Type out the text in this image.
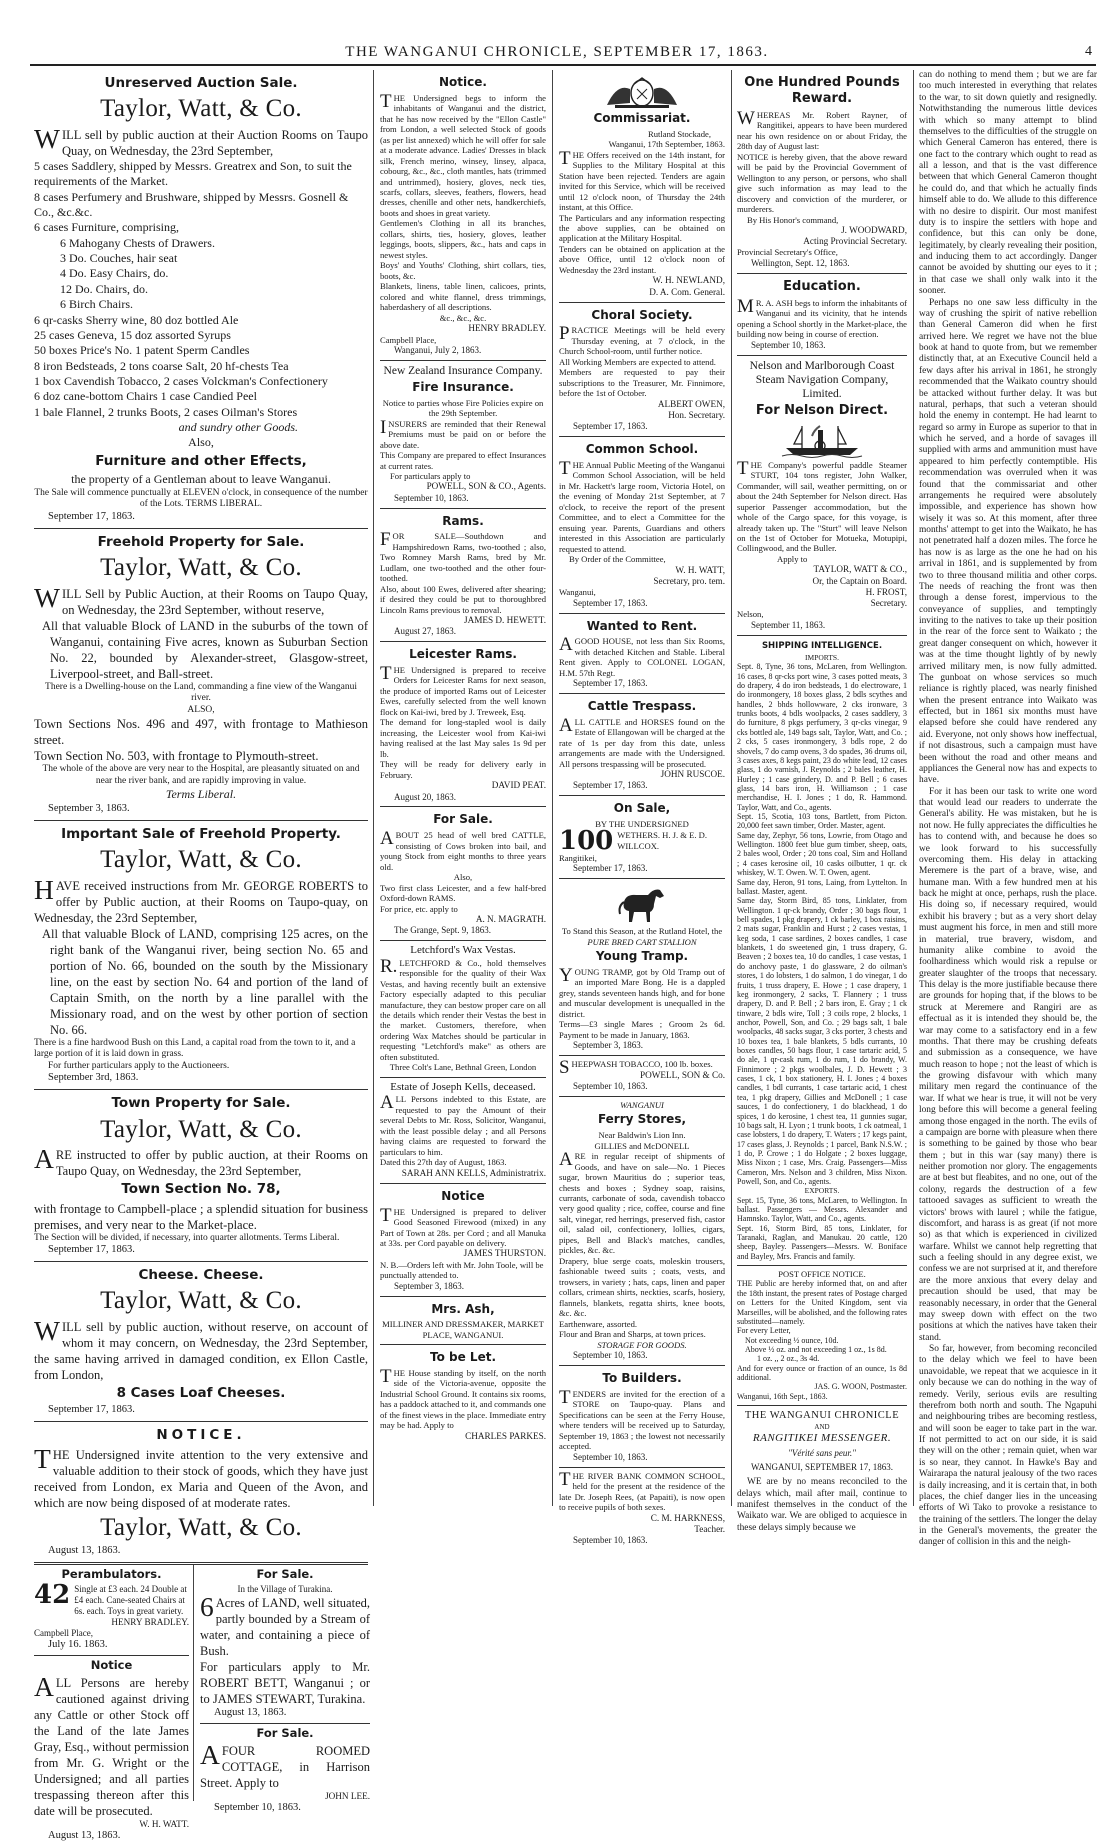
THE WANGANUI CHRONICLE, SEPTEMBER 17, 1863.	4
Unreserved Auction Sale.
Taylor, Watt, & Co.
WILL sell by public auction at their Auction Rooms on Taupo Quay, on Wednesday, the 23rd September,
5 cases Saddlery, shipped by Messrs. Greatrex and Son, to suit the requirements of the Market.
8 cases Perfumery and Brushware, shipped by Messrs. Gosnell & Co., &c.&c.
6 cases Furniture, comprising,
6 Mahogany Chests of Drawers.
3 Do. Couches, hair seat
4 Do. Easy Chairs, do.
12 Do. Chairs, do.
6 Birch Chairs.
6 qr-casks Sherry wine, 80 doz bottled Ale
25 cases Geneva, 15 doz assorted Syrups
50 boxes Price's No. 1 patent Sperm Candles
8 iron Bedsteads, 2 tons coarse Salt, 20 hf-chests Tea
1 box Cavendish Tobacco, 2 cases Volckman's Confectionery
6 doz cane-bottom Chairs 1 case Candied Peel
1 bale Flannel, 2 trunks Boots, 2 cases Oilman's Stores
and sundry other Goods.
Also,
Furniture and other Effects,
the property of a Gentleman about to leave Wanganui.
The Sale will commence punctually at ELEVEN o'clock, in consequence of the number of the Lots. TERMS LIBERAL.
September 17, 1863.
Freehold Property for Sale.
Taylor, Watt, & Co.
WILL Sell by Public Auction, at their Rooms on Taupo Quay, on Wednesday, the 23rd September, without reserve,
All that valuable Block of LAND in the suburbs of the town of Wanganui, containing Five acres, known as Suburban Section No. 22, bounded by Alexander-street, Glasgow-street, Liverpool-street, and Ball-street.
There is a Dwelling-house on the Land, commanding a fine view of the Wanganui river.
ALSO,
Town Sections Nos. 496 and 497, with frontage to Mathieson street.
Town Section No. 503, with frontage to Plymouth-street.
The whole of the above are very near to the Hospital, are pleasantly situated on and near the river bank, and are rapidly improving in value.
Terms Liberal.
September 3, 1863.
Important Sale of Freehold Property.
Taylor, Watt, & Co.
HAVE received instructions from Mr. GEORGE ROBERTS to offer by Public auction, at their Rooms on Taupo-quay, on Wednesday, the 23rd September,
All that valuable Block of LAND, comprising 125 acres, on the right bank of the Wanganui river, being section No. 65 and portion of No. 66, bounded on the south by the Missionary line, on the east by section No. 64 and portion of the land of Captain Smith, on the north by a line parallel with the Missionary road, and on the west by other portion of section No. 66.
There is a fine hardwood Bush on this Land, a capital road from the town to it, and a large portion of it is laid down in grass.
For further particulars apply to the Auctioneers.
September 3rd, 1863.
Town Property for Sale.
Taylor, Watt, & Co.
ARE instructed to offer by public auction, at their Rooms on Taupo Quay, on Wednesday, the 23rd September,
Town Section No. 78,
with frontage to Campbell-place ; a splendid situation for business premises, and very near to the Market-place.
The Section will be divided, if necessary, into quarter allotments. Terms Liberal.
September 17, 1863.
Cheese. Cheese.
Taylor, Watt, & Co.
WILL sell by public auction, without reserve, on account of whom it may concern, on Wednesday, the 23rd September, the same having arrived in damaged condition, ex Ellon Castle, from London,
8 Cases Loaf Cheeses.
September 17, 1863.
NOTICE.
THE Undersigned invite attention to the very extensive and valuable addition to their stock of goods, which they have just received from London, ex Maria and Queen of the Avon, and which are now being disposed of at moderate rates.
Taylor, Watt, & Co.
August 13, 1863.
Perambulators.
42 Single at £3 each. 24 Double at £4 each. Cane-seated Chairs at 6s. each. Toys in great variety.
HENRY BRADLEY.
Campbell Place,
July 16. 1863.
Notice
ALL Persons are hereby cautioned against driving any Cattle or other Stock off the Land of the late James Gray, Esq., without permission from Mr. G. Wright or the Undersigned; and all parties trespassing thereon after this date will be prosecuted.
W. H. WATT.
August 13, 1863.
For Sale.
In the Village of Turakina.
6Acres of LAND, well situated, partly bounded by a Stream of water, and containing a piece of Bush.
For particulars apply to Mr. ROBERT BETT, Wanganui ; or to JAMES STEWART, Turakina.
August 13, 1863.
For Sale.
AFOUR ROOMED COTTAGE, in Harrison Street. Apply to
JOHN LEE.
September 10, 1863.
Notice.
THE Undersigned begs to inform the inhabitants of Wanganui and the district, that he has now received by the "Ellon Castle" from London, a well selected Stock of goods (as per list annexed) which he will offer for sale at a moderate advance. Ladies' Dresses in black silk, French merino, winsey, linsey, alpaca, cobourg, &c., &c., cloth mantles, hats (trimmed and untrimmed), hosiery, gloves, neck ties, scarfs, collars, sleeves, feathers, flowers, head dresses, chenille and other nets, handkerchiefs, boots and shoes in great variety.
Gentlemen's Clothing in all its branches, collars, shirts, ties, hosiery, gloves, leather leggings, boots, slippers, &c., hats and caps in newest styles.
Boys' and Youths' Clothing, shirt collars, ties, boots, &c.
Blankets, linens, table linen, calicoes, prints, colored and white flannel, dress trimmings, haberdashery of all descriptions.
&c., &c., &c.
HENRY BRADLEY.
Campbell Place,
Wanganui, July 2, 1863.
New Zealand Insurance Company.
Fire Insurance.
Notice to parties whose Fire Policies expire on the 29th September.
INSURERS are reminded that their Renewal Premiums must be paid on or before the above date.
This Company are prepared to effect Insurances at current rates.
For particulars apply to
POWELL, SON & CO., Agents.
September 10, 1863.
Rams.
FOR SALE—Southdown and Hampshiredown Rams, two-toothed ; also, Two Romney Marsh Rams, bred by Mr. Ludlam, one two-toothed and the other four-toothed.
Also, about 100 Ewes, delivered after shearing; if desired they could be put to thoroughbred Lincoln Rams previous to removal.
JAMES D. HEWETT.
August 27, 1863.
Leicester Rams.
THE Undersigned is prepared to receive Orders for Leicester Rams for next season, the produce of imported Rams out of Leicester Ewes, carefully selected from the well known flock on Kai-iwi, bred by J. Treweek, Esq.
The demand for long-stapled wool is daily increasing, the Leicester wool from Kai-iwi having realised at the last May sales 1s 9d per lb.
They will be ready for delivery early in February.
DAVID PEAT.
August 20, 1863.
For Sale.
ABOUT 25 head of well bred CATTLE, consisting of Cows broken into bail, and young Stock from eight months to three years old.
Also,
Two first class Leicester, and a few half-bred Oxford-down RAMS.
For price, etc. apply to
A. N. MAGRATH.
The Grange, Sept. 9, 1863.
Letchford's Wax Vestas.
R.LETCHFORD & Co., hold themselves responsible for the quality of their Wax Vestas, and having recently built an extensive Factory especially adapted to this peculiar manufacture, they can bestow proper care on all the details which render their Vestas the best in the market. Customers, therefore, when ordering Wax Matches should be particular in requesting "Letchford's make" as others are often substituted.
Three Colt's Lane, Bethnal Green, London
Estate of Joseph Kells, deceased.
ALL Persons indebted to this Estate, are requested to pay the Amount of their several Debts to Mr. Ross, Solicitor, Wanganui, with the least possible delay ; and all Persons having claims are requested to forward the particulars to him.
Dated this 27th day of August, 1863.
SARAH ANN KELLS, Administratrix.
Notice
THE Undersigned is prepared to deliver Good Seasoned Firewood (mixed) in any Part of Town at 28s. per Cord ; and all Manuka at 33s. per Cord payable on delivery.
JAMES THURSTON.
N. B.—Orders left with Mr. John Toole, will be punctually attended to.
September 3, 1863.
Mrs. Ash,
MILLINER AND DRESSMAKER, MARKET PLACE, WANGANUI.
To be Let.
THE House standing by itself, on the north side of the Victoria-avenue, opposite the Industrial School Ground. It contains six rooms, has a paddock attached to it, and commands one of the finest views in the place. Immediate entry may be had. Apply to
CHARLES PARKES.
Commissariat.
Rutland Stockade,
Wanganui, 17th September, 1863.
THE Offers received on the 14th instant, for Supplies to the Military Hospital at this Station have been rejected. Tenders are again invited for this Service, which will be received until 12 o'clock noon, of Thursday the 24th instant, at this Office.
The Particulars and any information respecting the above supplies, can be obtained on application at the Military Hospital.
Tenders can be obtained on application at the above Office, until 12 o'clock noon of Wednesday the 23rd instant.
W. H. NEWLAND,
D. A. Com. General.
Choral Society.
PRACTICE Meetings will be held every Thursday evening, at 7 o'clock, in the Church School-room, until further notice.
All Working Members are expected to attend.
Members are requested to pay their subscriptions to the Treasurer, Mr. Finnimore, before the 1st of October.
ALBERT OWEN,
Hon. Secretary.
September 17, 1863.
Common School.
THE Annual Public Meeting of the Wanganui Common School Association, will be held in Mr. Hackett's large room, Victoria Hotel, on the evening of Monday 21st September, at 7 o'clock, to receive the report of the present Committee, and to elect a Committee for the ensuing year. Parents, Guardians and others interested in this Association are particularly requested to attend.
By Order of the Committee,
W. H. WATT,
Secretary, pro. tem.
Wanganui,
September 17, 1863.
Wanted to Rent.
AGOOD HOUSE, not less than Six Rooms, with detached Kitchen and Stable. Liberal Rent given. Apply to COLONEL LOGAN, H.M. 57th Regt.
September 17, 1863.
Cattle Trespass.
ALL CATTLE and HORSES found on the Estate of Ellangowan will be charged at the rate of 1s per day from this date, unless arrangements are made with the Undersigned. All persons trespassing will be prosecuted.
JOHN RUSCOE.
September 17, 1863.
On Sale,
BY THE UNDERSIGNED
100 WETHERS. H. J. & E. D. WILLCOX.
Rangitikei,
September 17, 1863.
To Stand this Season, at the Rutland Hotel, the
PURE BRED CART STALLION
Young Tramp.
YOUNG TRAMP, got by Old Tramp out of an imported Mare Bong. He is a dappled grey, stands seventeen hands high, and for bone and muscular development is unequalled in the district.
Terms—£3 single Mares ; Groom 2s 6d. Payment to be made in January, 1863.
September 3, 1863.
SHEEPWASH TOBACCO, 100 lb. boxes.
POWELL, SON & Co.
September 10, 1863.
WANGANUI
Ferry Stores,
Near Baldwin's Lion Inn.
GILLIES and McDONELL
ARE in regular receipt of shipments of Goods, and have on sale—No. 1 Pieces sugar, brown Mauritius do ; superior teas, chests and boxes ; Sydney soap, raisins, currants, carbonate of soda, cavendish tobacco very good quality ; rice, coffee, course and fine salt, vinegar, red herrings, preserved fish, castor oil, salad oil, confectionery, lollies, cigars, pipes, Bell and Black's matches, candles, pickles, &c. &c.
Drapery, blue serge coats, moleskin trousers, fashionable tweed suits ; coats, vests, and trowsers, in variety ; hats, caps, linen and paper collars, crimean shirts, neckties, scarfs, hosiery, flannels, blankets, regatta shirts, knee boots, &c. &c.
Earthenware, assorted.
Flour and Bran and Sharps, at town prices.
STORAGE FOR GOODS.
September 10, 1863.
To Builders.
TENDERS are invited for the erection of a STORE on Taupo-quay. Plans and Specifications can be seen at the Ferry House, where tenders will be received up to Saturday, September 19, 1863 ; the lowest not necessarily accepted.
September 10, 1863.
THE RIVER BANK COMMON SCHOOL, held for the present at the residence of the late Dr. Joseph Rees, (at Papaiti), is now open to receive pupils of both sexes.
C. M. HARKNESS,
Teacher.
September 10, 1863.
One Hundred Pounds Reward.
WHEREAS Mr. Robert Rayner, of Rangitikei, appears to have been murdered near his own residence on or about Friday, the 28th day of August last:
NOTICE is hereby given, that the above reward will be paid by the Provincial Government of Wellington to any person, or persons, who shall give such information as may lead to the discovery and conviction of the murderer, or murderers.
By His Honor's command,
J. WOODWARD,
Acting Provincial Secretary.
Provincial Secretary's Office,
Wellington, Sept. 12, 1863.
Education.
MR. A. ASH begs to inform the inhabitants of Wanganui and its vicinity, that he intends opening a School shortly in the Market-place, the building now being in course of erection.
September 10, 1863.
Nelson and Marlborough Coast Steam Navigation Company, Limited.
For Nelson Direct.
THE Company's powerful paddle Steamer STURT, 104 tons register, John Walker, Commander, will sail, weather permitting, on or about the 24th September for Nelson direct. Has superior Passenger accommodation, but the whole of the Cargo space, for this voyage, is already taken up. The "Sturt" will leave Nelson on the 1st of October for Motueka, Motupipi, Collingwood, and the Buller.
Apply to
TAYLOR, WATT & CO.,
Or, the Captain on Board.
H. FROST,
Secretary.
Nelson,
September 11, 1863.
SHIPPING INTELLIGENCE.
IMPORTS.
Sept. 8, Tyne, 36 tons, McLaren, from Wellington. 16 cases, 8 qr-cks port wine, 3 cases potted meats, 3 do drapery, 4 do iron bedsteads, 1 do electroware, 1 do ironmongery, 18 boxes glass, 2 bdls scythes and handles, 2 bhds hollowware, 2 cks ironware, 3 trunks boots, 4 bdls woolpacks, 2 cases saddlery, 3 do furniture, 8 pkgs perfumery, 3 qr-cks vinegar, 9 cks bottled ale, 149 bags salt, Taylor, Watt, and Co. ; 2 cks, 5 cases ironmongery, 3 bdls rope, 2 do shovels, 7 do camp ovens, 3 do spades, 36 drums oil, 3 cases axes, 8 kegs paint, 23 do white lead, 12 cases glass, 1 do varnish, J. Reynolds ; 2 bales leather, H. Hurley ; 1 case grindery, D. and P. Bell ; 6 cases glass, 14 bars iron, H. Williamson ; 1 case merchandise, H. I. Jones ; 1 do, R. Hammond. Taylor, Watt, and Co., agents.
Sept. 15, Scotia, 103 tons, Bartlett, from Picton. 20,000 feet sawn timber, Order. Master, agent.
Same day, Zephyr, 56 tons, Lowrie, from Otago and Wellington. 1800 feet blue gum timber, sheep, oats, 2 bales wool, Order ; 20 tons coal, Sim and Holland ; 4 cases kerosine oil, 10 casks oilbutter, 1 qr. ck whiskey, W. T. Owen. W. T. Owen, agent.
Same day, Heron, 91 tons, Laing, from Lyttelton. In ballast. Master, agent.
Same day, Storm Bird, 85 tons, Linklater, from Wellington. 1 qr-ck brandy, Order ; 30 bags flour, 1 bell spades, 1 pkg drapery, 1 ck barley, 1 box raisins, 2 mats sugar, Franklin and Hurst ; 2 cases vestas, 1 keg soda, 1 case sardines, 2 boxes candles, 1 case blankets, 1 do sweetened gin, 1 truss drapery, G. Beaven ; 2 boxes tea, 10 do candles, 1 case vestas, 1 do anchovy paste, 1 do glassware, 2 do oilman's stores, 1 do lobsters, 1 do salmon, 1 do vinegar, 1 do fruits, 1 truss drapery, E. Howe ; 1 case drapery, 1 keg ironmongery, 2 sacks, T. Flannery ; 1 truss drapery, D. and P. Bell ; 2 bars iron, E. Gray ; 1 ck tinware, 2 bdls wire, Toll ; 3 coils rope, 2 blocks, 1 anchor, Powell, Son, and Co. ; 29 bags salt, 1 bale woolpacks, 48 sacks sugar, 3 cks porter, 3 chests and 10 boxes tea, 1 bale blankets, 5 bdls currants, 10 boxes candles, 50 bags flour, 1 case tartaric acid, 5 do ale, 1 qr-cask rum, 1 do rum, 1 do brandy, W. Finnimore ; 2 pkgs woolbales, J. D. Hewett ; 3 cases, 1 ck, 1 box stationery, H. I. Jones ; 4 boxes candles, 1 bdl currants, 1 case tartaric acid, 1 chest tea, 1 pkg drapery, Gillies and McDonell ; 1 case sauces, 1 do confectionery, 1 do blackhead, 1 do spices, 1 do kerosine, 1 chest tea, 11 gunnies sugar, 10 bags salt, H. Lyon ; 1 trunk boots, 1 ck oatmeal, 1 case lobsters, 1 do drapery, T. Waters ; 17 kegs paint, 17 cases glass, J. Reynolds ; 1 parcel, Bank N.S.W. ; 1 do, P. Crowe ; 1 do Holgate ; 2 boxes luggage, Miss Nixon ; 1 case, Mrs. Craig. Passengers—Miss Cameron, Mrs. Nelson and 3 children, Miss Nixon. Powell, Son, and Co., agents.
EXPORTS.
Sept. 15, Tyne, 36 tons, McLaren, to Wellington. In ballast. Passengers — Messrs. Alexander and Hamnsko. Taylor, Watt, and Co., agents.
Sept. 16, Storm Bird, 85 tons, Linklater, for Taranaki, Raglan, and Manukau. 20 cattle, 120 sheep, Bayley. Passengers—Messrs. W. Boniface and Bayley, Mrs. Francis and family.
POST OFFICE NOTICE.
THE Public are hereby informed that, on and after the 18th instant, the present rates of Postage charged on Letters for the United Kingdom, sent via Marseilles, will be abolished, and the following rates substituted—namely.
For every Letter,
Not exceeding ½ ounce, 10d.
Above ½ oz. and not exceeding 1 oz., 1s 8d.
1 oz. ,, 2 oz., 3s 4d.
And for every ounce or fraction of an ounce, 1s 8d additional.
JAS. G. WOON, Postmaster.
Wanganui, 16th Sept., 1863.
THE WANGANUI CHRONICLE
AND
RANGITIKEI MESSENGER.
"Vérité sans peur."
WANGANUI, SEPTEMBER 17, 1863.
WE are by no means reconciled to the delays which, mail after mail, continue to manifest themselves in the conduct of the Waikato war. We are obliged to acquiesce in these delays simply because we
can do nothing to mend them ; but we are far too much interested in everything that relates to the war, to sit down quietly and resignedly. Notwithstanding the numerous little devices with which so many attempt to blind themselves to the difficulties of the struggle on which General Cameron has entered, there is one fact to the contrary which ought to read as all a lesson, and that is the vast difference between that which General Cameron thought he could do, and that which he actually finds himself able to do. We allude to this difference with no desire to dispirit. Our most manifest duty is to inspire the settlers with hope and confidence, but this can only be done, legitimately, by clearly revealing their position, and inducing them to act accordingly. Danger cannot be avoided by shutting our eyes to it ; in that case we shall only walk into it the sooner.
Perhaps no one saw less difficulty in the way of crushing the spirit of native rebellion than General Cameron did when he first arrived here. We regret we have not the blue book at hand to quote from, but we remember distinctly that, at an Executive Council held a few days after his arrival in 1861, he strongly recommended that the Waikato country should be attacked without further delay. It was but natural, perhaps, that such a veteran should hold the enemy in contempt. He had learnt to regard so army in Europe as superior to that in which he served, and a horde of savages ill supplied with arms and ammunition must have appeared to him perfectly contemptible. His recommendation was overruled when it was found that the commissariat and other arrangements he required were absolutely impossible, and experience has shown how wisely it was so. At this moment, after three months' attempt to get into the Waikato, he has not penetrated half a dozen miles. The force he has now is as large as the one he had on his arrival in 1861, and is supplemented by from two to three thousand militia and other corps. The needs of reaching the front was then through a dense forest, impervious to the conveyance of supplies, and temptingly inviting to the natives to take up their position in the rear of the force sent to Waikato ; the great danger consequent on which, however it was at the time thought lightly of by newly arrived military men, is now fully admitted. The gunboat on whose services so much reliance is rightly placed, was nearly finished when the present entrance into Waikato was effected, but in 1861 six months must have elapsed before she could have rendered any aid. Everyone, not only shows how ineffectual, if not disastrous, such a campaign must have been without the road and other means and appliances the General now has and expects to have.
For it has been our task to write one word that would lead our readers to underrate the General's ability. He was mistaken, but he is not now. He fully appreciates the difficulties he has to contend with, and because he does so we look forward to his successfully overcoming them. His delay in attacking Meremere is the part of a brave, wise, and humane man. With a few hundred men at his back he might at once, perhaps, rush the place. His doing so, if necessary required, would exhibit his bravery ; but as a very short delay must augment his force, in men and still more in material, true bravery, wisdom, and humanity alike combine to avoid the foolhardiness which would risk a repulse or greater slaughter of the troops that necessary. This delay is the more justifiable because there are grounds for hoping that, if the blows to be struck at Meremere and Rangiri are as effectual as it is intended they should be, the war may come to a satisfactory end in a few months. That there may be crushing defeats and submission as a consequence, we have much reason to hope ; not the least of which is the growing disfavour with which many military men regard the continuance of the war. If what we hear is true, it will not be very long before this will become a general feeling among those engaged in the north. The evils of a campaign are borne with pleasure when there is something to be gained by those who bear them ; but in this war (say many) there is neither promotion nor glory. The engagements are at best but fleabites, and no one, out of the colony, regards the destruction of a few tattooed savages as sufficient to wreath the victors' brows with laurel ; while the fatigue, discomfort, and harass is as great (if not more so) as that which is experienced in civilized warfare. Whilst we cannot help regretting that such a feeling should in any degree exist, we confess we are not surprised at it, and therefore are the more anxious that every delay and precaution should be used, that may be reasonably necessary, in order that the General may sweep down with effect on the two positions at which the natives have taken their stand.
So far, however, from becoming reconciled to the delay which we feel to have been unavoidable, we repeat that we acquiesce in it only because we can do nothing in the way of remedy. Verily, serious evils are resulting therefrom both north and south. The Ngapuhi and neighbouring tribes are becoming restless, and will soon be eager to take part in the war. If not permitted to act on our side, it is said they will on the other ; remain quiet, when war is so near, they cannot. In Hawke's Bay and Wairarapa the natural jealousy of the two races is daily increasing, and it is certain that, in both places, the chief danger lies in the unceasing efforts of Wi Tako to provoke a resistance to the training of the settlers. The longer the delay in the General's movements, the greater the danger of collision in this and the neigh-
